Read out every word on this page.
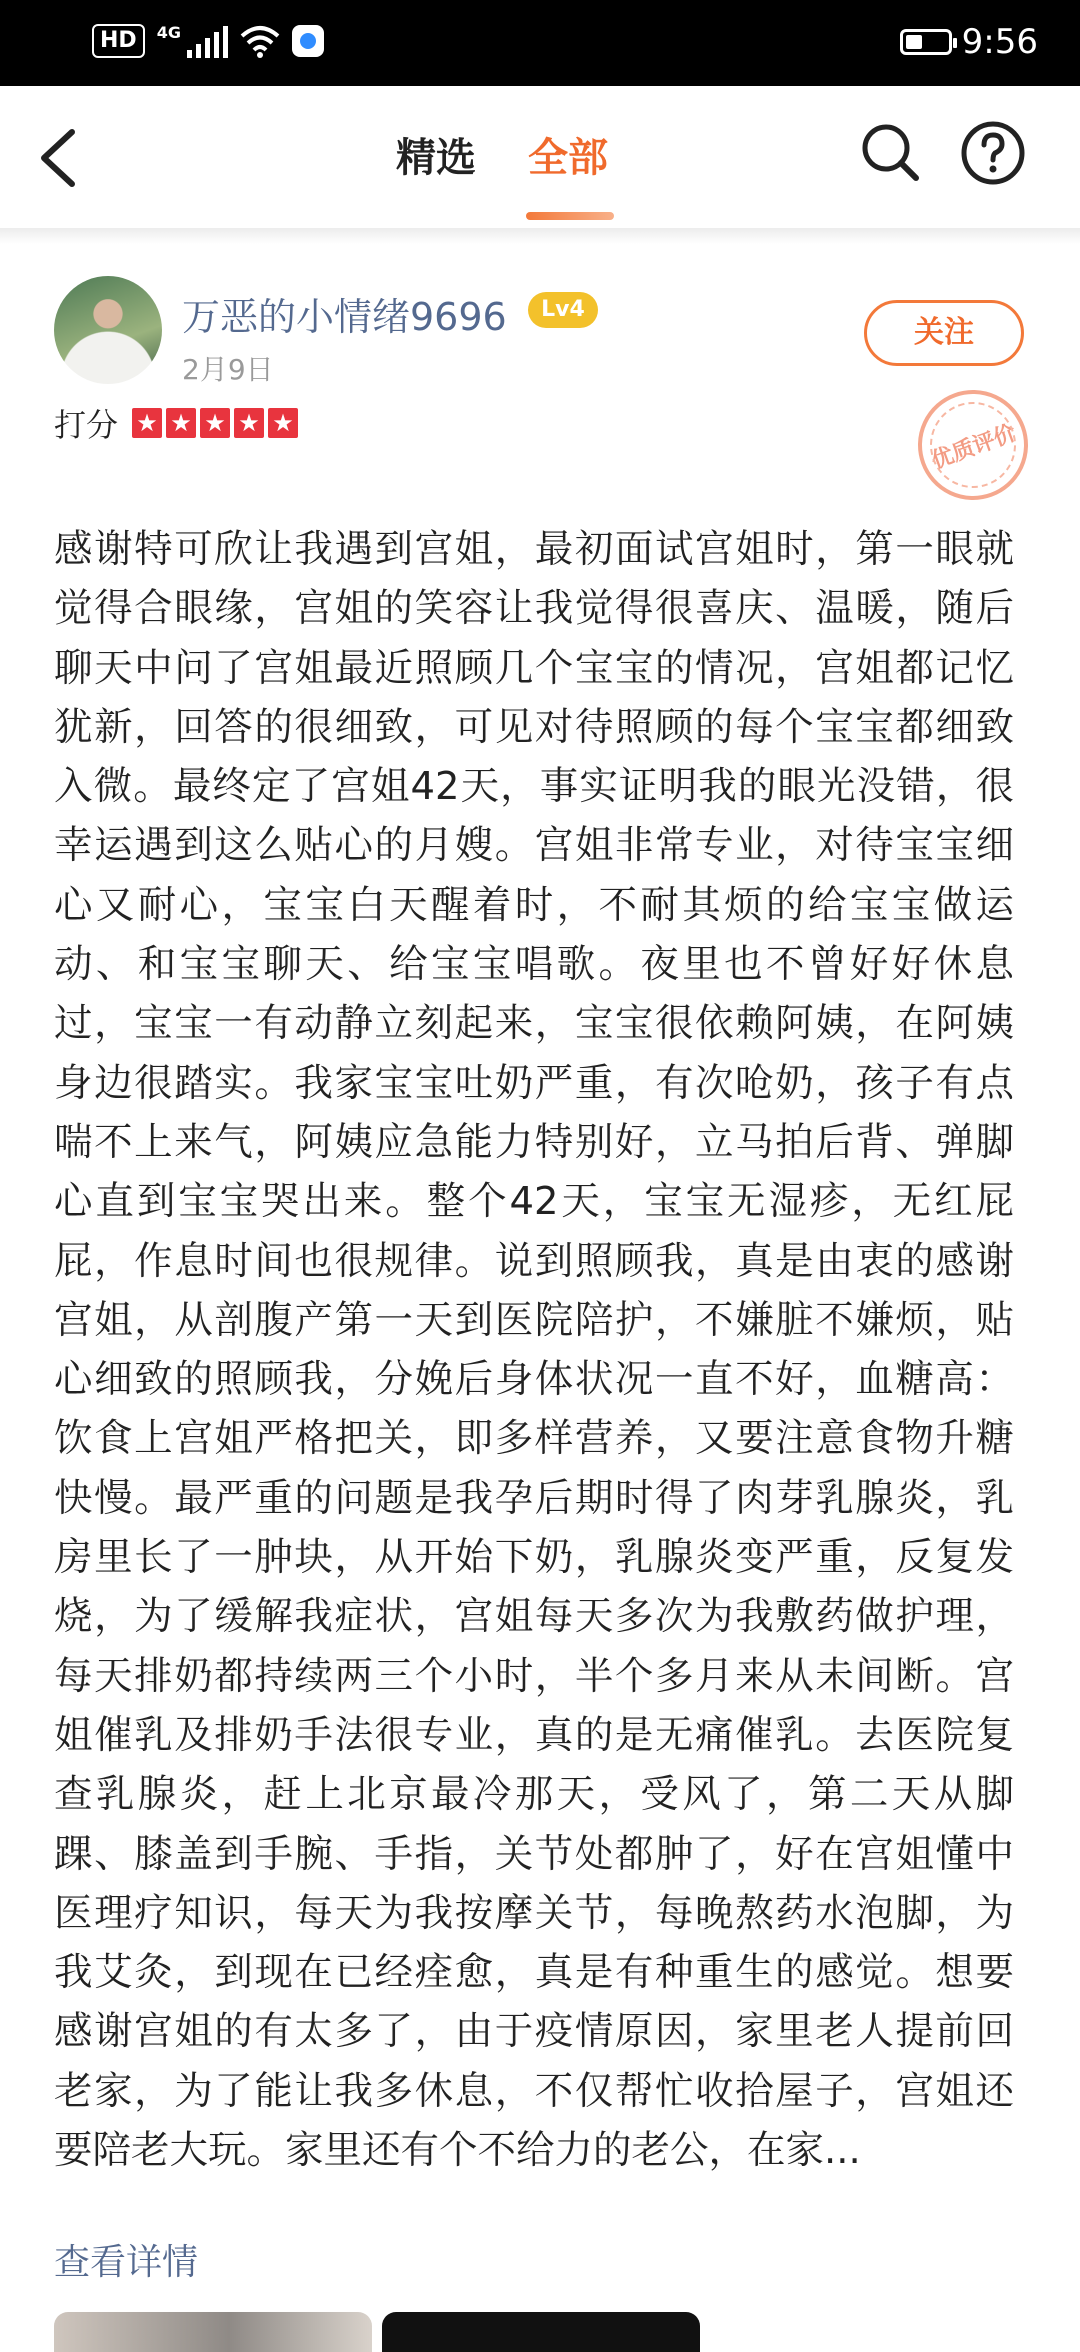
HD	4G	9:56
精选 全部
万恶的小情绪9696	Lv4
2月9日
关注
优质评价
打分 ★ ★ ★ ★ ★
感谢特可欣让我遇到宫姐，最初面试宫姐时，第一眼就觉得合眼缘，宫姐的笑容让我觉得很喜庆、温暖，随后聊天中问了宫姐最近照顾几个宝宝的情况，宫姐都记忆犹新，回答的很细致，可见对待照顾的每个宝宝都细致入微。最终定了宫姐42天，事实证明我的眼光没错，很幸运遇到这么贴心的月嫂。宫姐非常专业，对待宝宝细心又耐心，宝宝白天醒着时，不耐其烦的给宝宝做运动、和宝宝聊天、给宝宝唱歌。夜里也不曾好好休息过，宝宝一有动静立刻起来，宝宝很依赖阿姨，在阿姨身边很踏实。我家宝宝吐奶严重，有次呛奶，孩子有点喘不上来气，阿姨应急能力特别好，立马拍后背、弹脚心直到宝宝哭出来。整个42天，宝宝无湿疹，无红屁屁，作息时间也很规律。说到照顾我，真是由衷的感谢宫姐，从剖腹产第一天到医院陪护，不嫌脏不嫌烦，贴心细致的照顾我，分娩后身体状况一直不好，血糖高：饮食上宫姐严格把关，即多样营养，又要注意食物升糖快慢。最严重的问题是我孕后期时得了肉芽乳腺炎，乳房里长了一肿块，从开始下奶，乳腺炎变严重，反复发烧，为了缓解我症状，宫姐每天多次为我敷药做护理，每天排奶都持续两三个小时，半个多月来从未间断。宫姐催乳及排奶手法很专业，真的是无痛催乳。去医院复查乳腺炎，赶上北京最冷那天，受风了，第二天从脚踝、膝盖到手腕、手指，关节处都肿了，好在宫姐懂中医理疗知识，每天为我按摩关节，每晚熬药水泡脚，为我艾灸，到现在已经痊愈，真是有种重生的感觉。想要感谢宫姐的有太多了，由于疫情原因，家里老人提前回老家，为了能让我多休息，不仅帮忙收拾屋子，宫姐还要陪老大玩。家里还有个不给力的老公，在家...
查看详情
